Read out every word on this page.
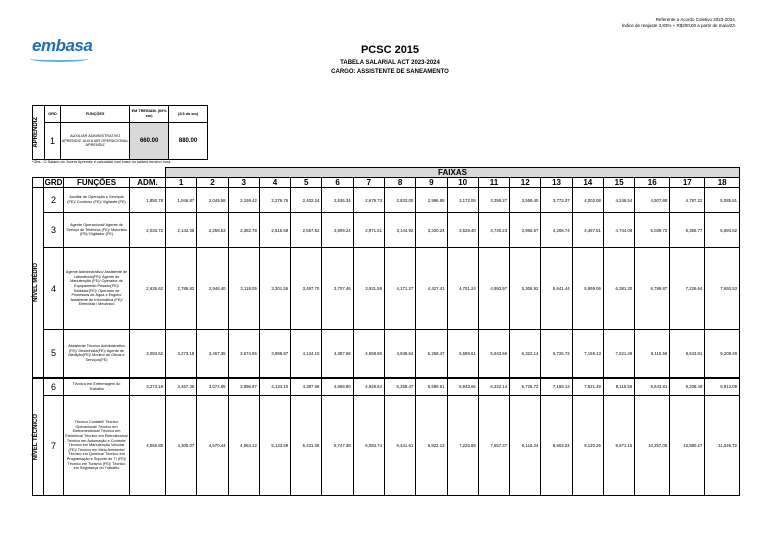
Referente a Acordo Coletivo 2023-2024.
Índice de reajuste 3,83% + R$200,00 a partir de maio/23.
embasa	PCSC 2015
TABELA SALARIAL ACT 2023-2024
CARGO: ASSISTENTE DE SANEAMENTO
APRENDIZ	GRD	FUNÇÕES	EM TREINAM. (60% sm)	(2/3 do sm)
	1	AUXILIAR ADMINISTRATIVO APRENDIZ, AUXILIAR OPERACIONAL APRENDIZ	660.00	880.00
*Obs.: O Salário do Jovem Aprendiz é calculado com base no salário mínimo hora.
				FAIXAS																	
	GRD	FUNÇÕES	ADM.	1	2	3	4	5	6	7	8	9	10	11	12	13	14	15	16	17	18

NÍVEL MÉDIO	2	Auxiliar de Operação e Serviços (FE)/ Contínuo (FE)/ Vigilante (FE)	1,850.78	1,946.87	2,049.58	2,159.42	2,276.76	2,402.24	2,536.34	2,679.73	2,833.00	2,996.88	3,172.06	3,359.27	3,559.40	3,773.37	4,002.08	4,246.54	4,507.88	4,787.22	5,085.81
	3	Agente Operacional/ Agente de Serviço de Telefonia (FE)/ Motorista (FE)/ Digitador (FE)	2,033.72	2,142.38	2,258.53	2,382.78	2,515.58	2,657.52	2,809.24	2,971.51	3,144.92	3,330.24	3,528.40	3,740.23	3,966.67	4,208.74	4,467.51	4,744.08	5,039.72	5,355.77	5,693.62
	4	Agente Administrativo/ Assistente de Laboratório(FE)/ Agente de Manutenção (FE)/ Operador de Equipamento Pesado(FE)/ Soldador(FE)/ Operador de Processos de Água e Esgoto/ Assistente de Informática (FE)/ Eletricista / Mecânico	2,635.62	2,785.82	2,946.40	3,118.05	3,301.55	3,497.70	3,707.46	3,931.58	4,171.27	4,427.41	4,701.24	4,993.97	5,306.92	5,641.44	5,999.06	6,381.30	6,789.87	7,226.64	7,693.53
	5	Assistente Técnico Administrativo (FE)/ Desenhista(FE)/ Agente de Medição(FE)/ Monitor de Obras e Serviços(FE)	3,093.52	3,273.18	3,467.35	3,674.95	3,896.87	4,134.10	4,387.68	4,658.80	4,948.64	5,258.47	5,589.61	5,943.66	6,322.14	6,726.72	7,159.13	7,621.49	8,115.59	8,643.81	9,208.49

NÍVEL TÉCNICO	6	Técnico em Enfermagem do Trabalho	3,273.18	3,467.35	3,674.95	3,896.87	4,134.10	4,387.68	4,658.80	4,948.64	5,258.47	5,589.61	5,943.66	6,322.14	6,726.72	7,159.13	7,621.49	8,115.59	8,643.81	9,208.49	9,812.08
	7	Técnico Contábil/ Técnico Operacional/ Técnico em Eletromecânica/ Técnico em Eletrônica/ Técnico em Eletrotécnica/ Técnico em Automação e Controle/ Técnico em Manutenção Veicular (FE)/ Técnico em Meio Ambiente/ Técnico em Química/ Técnico em Programação e Suporte de TI (FE)/ Técnico em Turismo (FE)/ Técnico em Segurança do Trabalho	4,056.85	4,305.07	4,570.44	4,854.12	5,133.69	5,431.08	5,747.38	6,083.74	6,441.61	6,822.13	7,226.89	7,657.37	8,115.24	8,602.24	9,120.26	9,671.15	10,257.05	10,880.27	11,546.72
